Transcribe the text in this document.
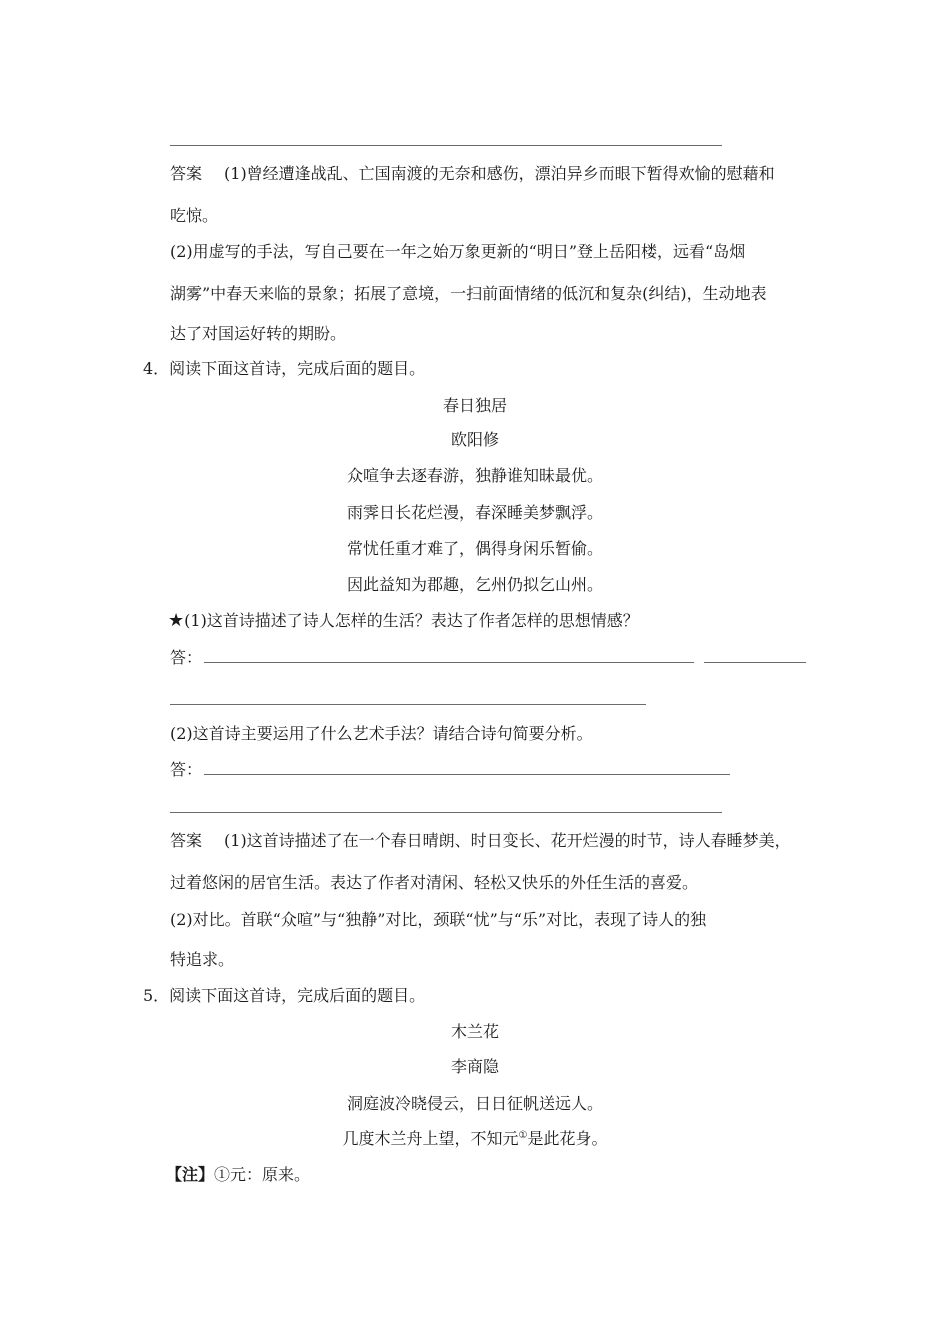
答案 (1)曾经遭逢战乱、亡国南渡的无奈和感伤，漂泊异乡而眼下暂得欢愉的慰藉和
吃惊。
(2)用虚写的手法，写自己要在一年之始万象更新的“明日”登上岳阳楼，远看“岛烟
湖雾”中春天来临的景象；拓展了意境，一扫前面情绪的低沉和复杂(纠结)，生动地表
达了对国运好转的期盼。
4．阅读下面这首诗，完成后面的题目。
春日独居
欧阳修
众喧争去逐春游，独静谁知昧最优。
雨霁日长花烂漫，春深睡美梦飘浮。
常忧任重才难了，偶得身闲乐暂偷。
因此益知为郡趣，乞州仍拟乞山州。
★(1)这首诗描述了诗人怎样的生活？表达了作者怎样的思想情感？
答：
(2)这首诗主要运用了什么艺术手法？请结合诗句简要分析。
答：
答案 (1)这首诗描述了在一个春日晴朗、时日变长、花开烂漫的时节，诗人春睡梦美，
过着悠闲的居官生活。表达了作者对清闲、轻松又快乐的外任生活的喜爱。
(2)对比。首联“众喧”与“独静”对比，颈联“忧”与“乐”对比，表现了诗人的独
特追求。
5．阅读下面这首诗，完成后面的题目。
木兰花
李商隐
洞庭波冷晓侵云，日日征帆送远人。
几度木兰舟上望，不知元①是此花身。
【注】①元：原来。
